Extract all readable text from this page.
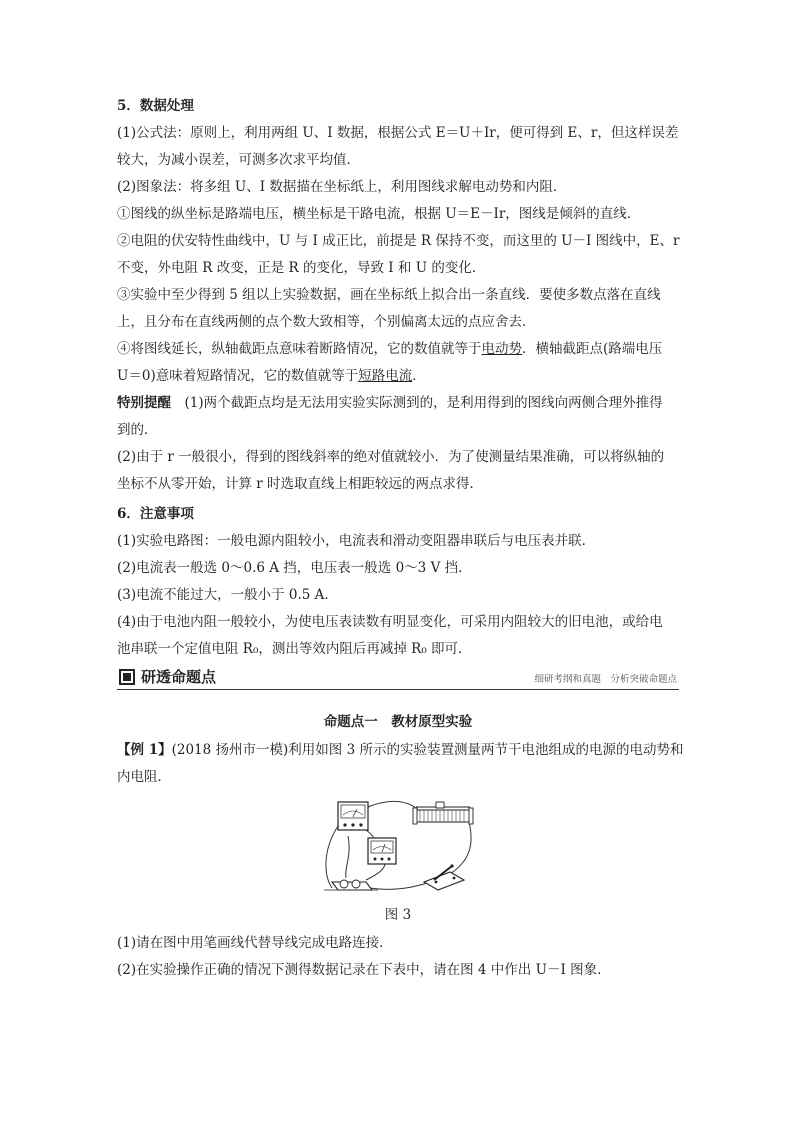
5．数据处理
(1)公式法：原则上，利用两组 U、I 数据，根据公式 E＝U＋Ir，便可得到 E、r，但这样误差
较大，为减小误差，可测多次求平均值．
(2)图象法：将多组 U、I 数据描在坐标纸上，利用图线求解电动势和内阻．
①图线的纵坐标是路端电压，横坐标是干路电流，根据 U＝E－Ir，图线是倾斜的直线．
②电阻的伏安特性曲线中，U 与 I 成正比，前提是 R 保持不变，而这里的 U－I 图线中，E、r
不变，外电阻 R 改变，正是 R 的变化，导致 I 和 U 的变化．
③实验中至少得到 5 组以上实验数据，画在坐标纸上拟合出一条直线．要使多数点落在直线
上，且分布在直线两侧的点个数大致相等，个别偏离太远的点应舍去．
④将图线延长，纵轴截距点意味着断路情况，它的数值就等于电动势．横轴截距点(路端电压
U＝0)意味着短路情况，它的数值就等于短路电流．
特别提醒　(1)两个截距点均是无法用实验实际测到的，是利用得到的图线向两侧合理外推得
到的．
(2)由于 r 一般很小，得到的图线斜率的绝对值就较小．为了使测量结果准确，可以将纵轴的
坐标不从零开始，计算 r 时选取直线上相距较远的两点求得．
6．注意事项
(1)实验电路图：一般电源内阻较小，电流表和滑动变阻器串联后与电压表并联．
(2)电流表一般选 0～0.6 A 挡，电压表一般选 0～3 V 挡．
(3)电流不能过大，一般小于 0.5 A．
(4)由于电池内阻一般较小，为使电压表读数有明显变化，可采用内阻较大的旧电池，或给电
池串联一个定值电阻 R₀，测出等效内阻后再减掉 R₀ 即可．
研透命题点	细研考纲和真题　分析突破命题点
命题点一　教材原型实验
【例 1】(2018 扬州市一模)利用如图 3 所示的实验装置测量两节干电池组成的电源的电动势和
内电阻．
图 3
(1)请在图中用笔画线代替导线完成电路连接．
(2)在实验操作正确的情况下测得数据记录在下表中，请在图 4 中作出 U－I 图象.
